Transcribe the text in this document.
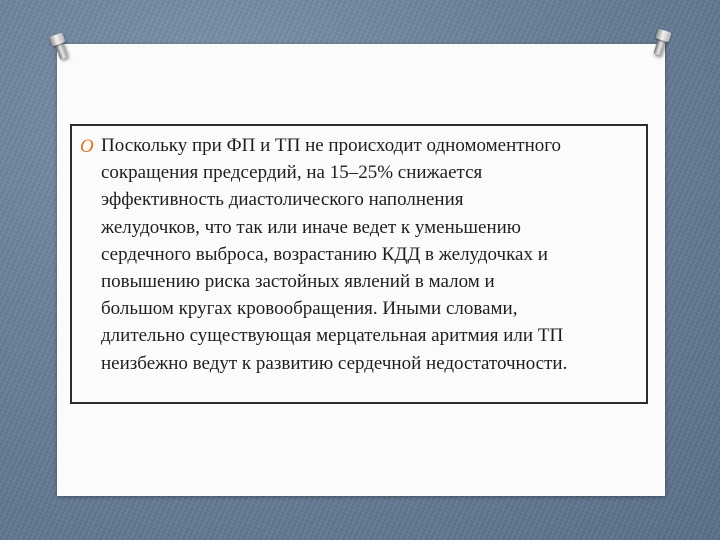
O Поскольку при ФП и ТП не происходит одномоментного
сокращения предсердий, на 15–25% снижается
эффективность диастолического наполнения
желудочков, что так или иначе ведет к уменьшению
сердечного выброса, возрастанию КДД в желудочках и
повышению риска застойных явлений в малом и
большом кругах кровообращения. Иными словами,
длительно существующая мерцательная аритмия или ТП
неизбежно ведут к развитию сердечной недостаточности.
